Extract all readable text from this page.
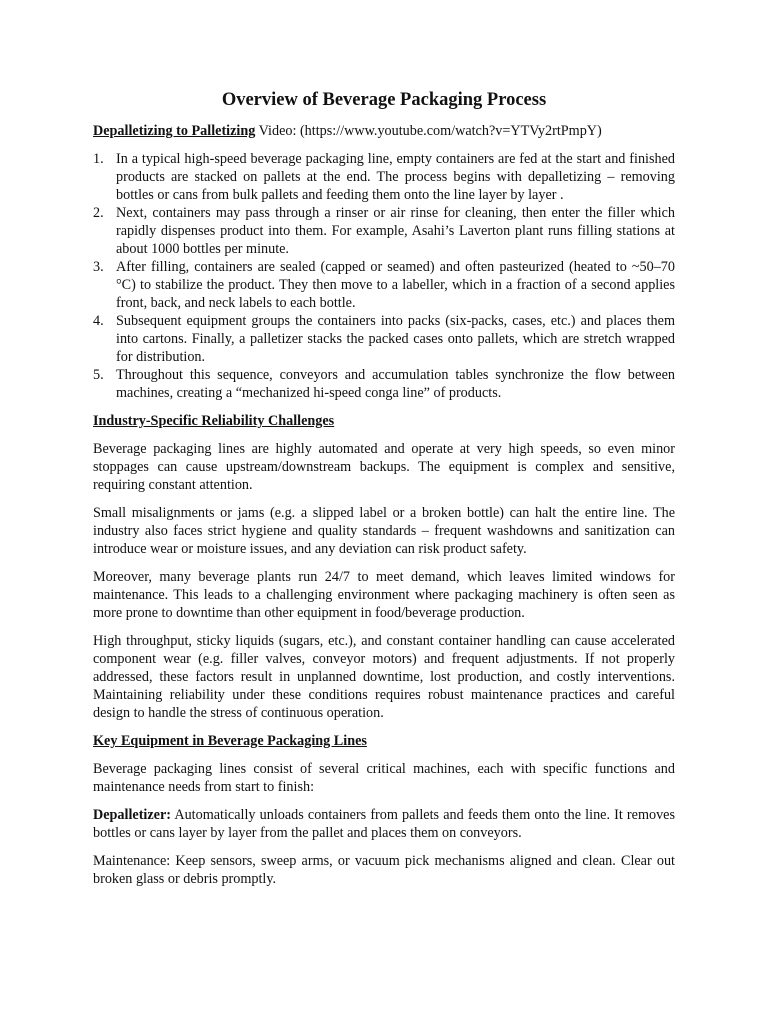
Overview of Beverage Packaging Process

Depalletizing to Palletizing Video: (https://www.youtube.com/watch?v=YTVy2rtPmpY)

1. In a typical high-speed beverage packaging line, empty containers are fed at the start and finished products are stacked on pallets at the end. The process begins with depalletizing – removing bottles or cans from bulk pallets and feeding them onto the line layer by layer .
2. Next, containers may pass through a rinser or air rinse for cleaning, then enter the filler which rapidly dispenses product into them. For example, Asahi’s Laverton plant runs filling stations at about 1000 bottles per minute.
3. After filling, containers are sealed (capped or seamed) and often pasteurized (heated to ~50–70 °C) to stabilize the product. They then move to a labeller, which in a fraction of a second applies front, back, and neck labels to each bottle.
4. Subsequent equipment groups the containers into packs (six-packs, cases, etc.) and places them into cartons. Finally, a palletizer stacks the packed cases onto pallets, which are stretch wrapped for distribution.
5. Throughout this sequence, conveyors and accumulation tables synchronize the flow between machines, creating a “mechanized hi-speed conga line” of products.

Industry-Specific Reliability Challenges

Beverage packaging lines are highly automated and operate at very high speeds, so even minor stoppages can cause upstream/downstream backups. The equipment is complex and sensitive, requiring constant attention.

Small misalignments or jams (e.g. a slipped label or a broken bottle) can halt the entire line. The industry also faces strict hygiene and quality standards – frequent washdowns and sanitization can introduce wear or moisture issues, and any deviation can risk product safety.

Moreover, many beverage plants run 24/7 to meet demand, which leaves limited windows for maintenance. This leads to a challenging environment where packaging machinery is often seen as more prone to downtime than other equipment in food/beverage production.

High throughput, sticky liquids (sugars, etc.), and constant container handling can cause accelerated component wear (e.g. filler valves, conveyor motors) and frequent adjustments. If not properly addressed, these factors result in unplanned downtime, lost production, and costly interventions. Maintaining reliability under these conditions requires robust maintenance practices and careful design to handle the stress of continuous operation.

Key Equipment in Beverage Packaging Lines

Beverage packaging lines consist of several critical machines, each with specific functions and maintenance needs from start to finish:

Depalletizer: Automatically unloads containers from pallets and feeds them onto the line. It removes bottles or cans layer by layer from the pallet and places them on conveyors.

Maintenance: Keep sensors, sweep arms, or vacuum pick mechanisms aligned and clean. Clear out broken glass or debris promptly.
